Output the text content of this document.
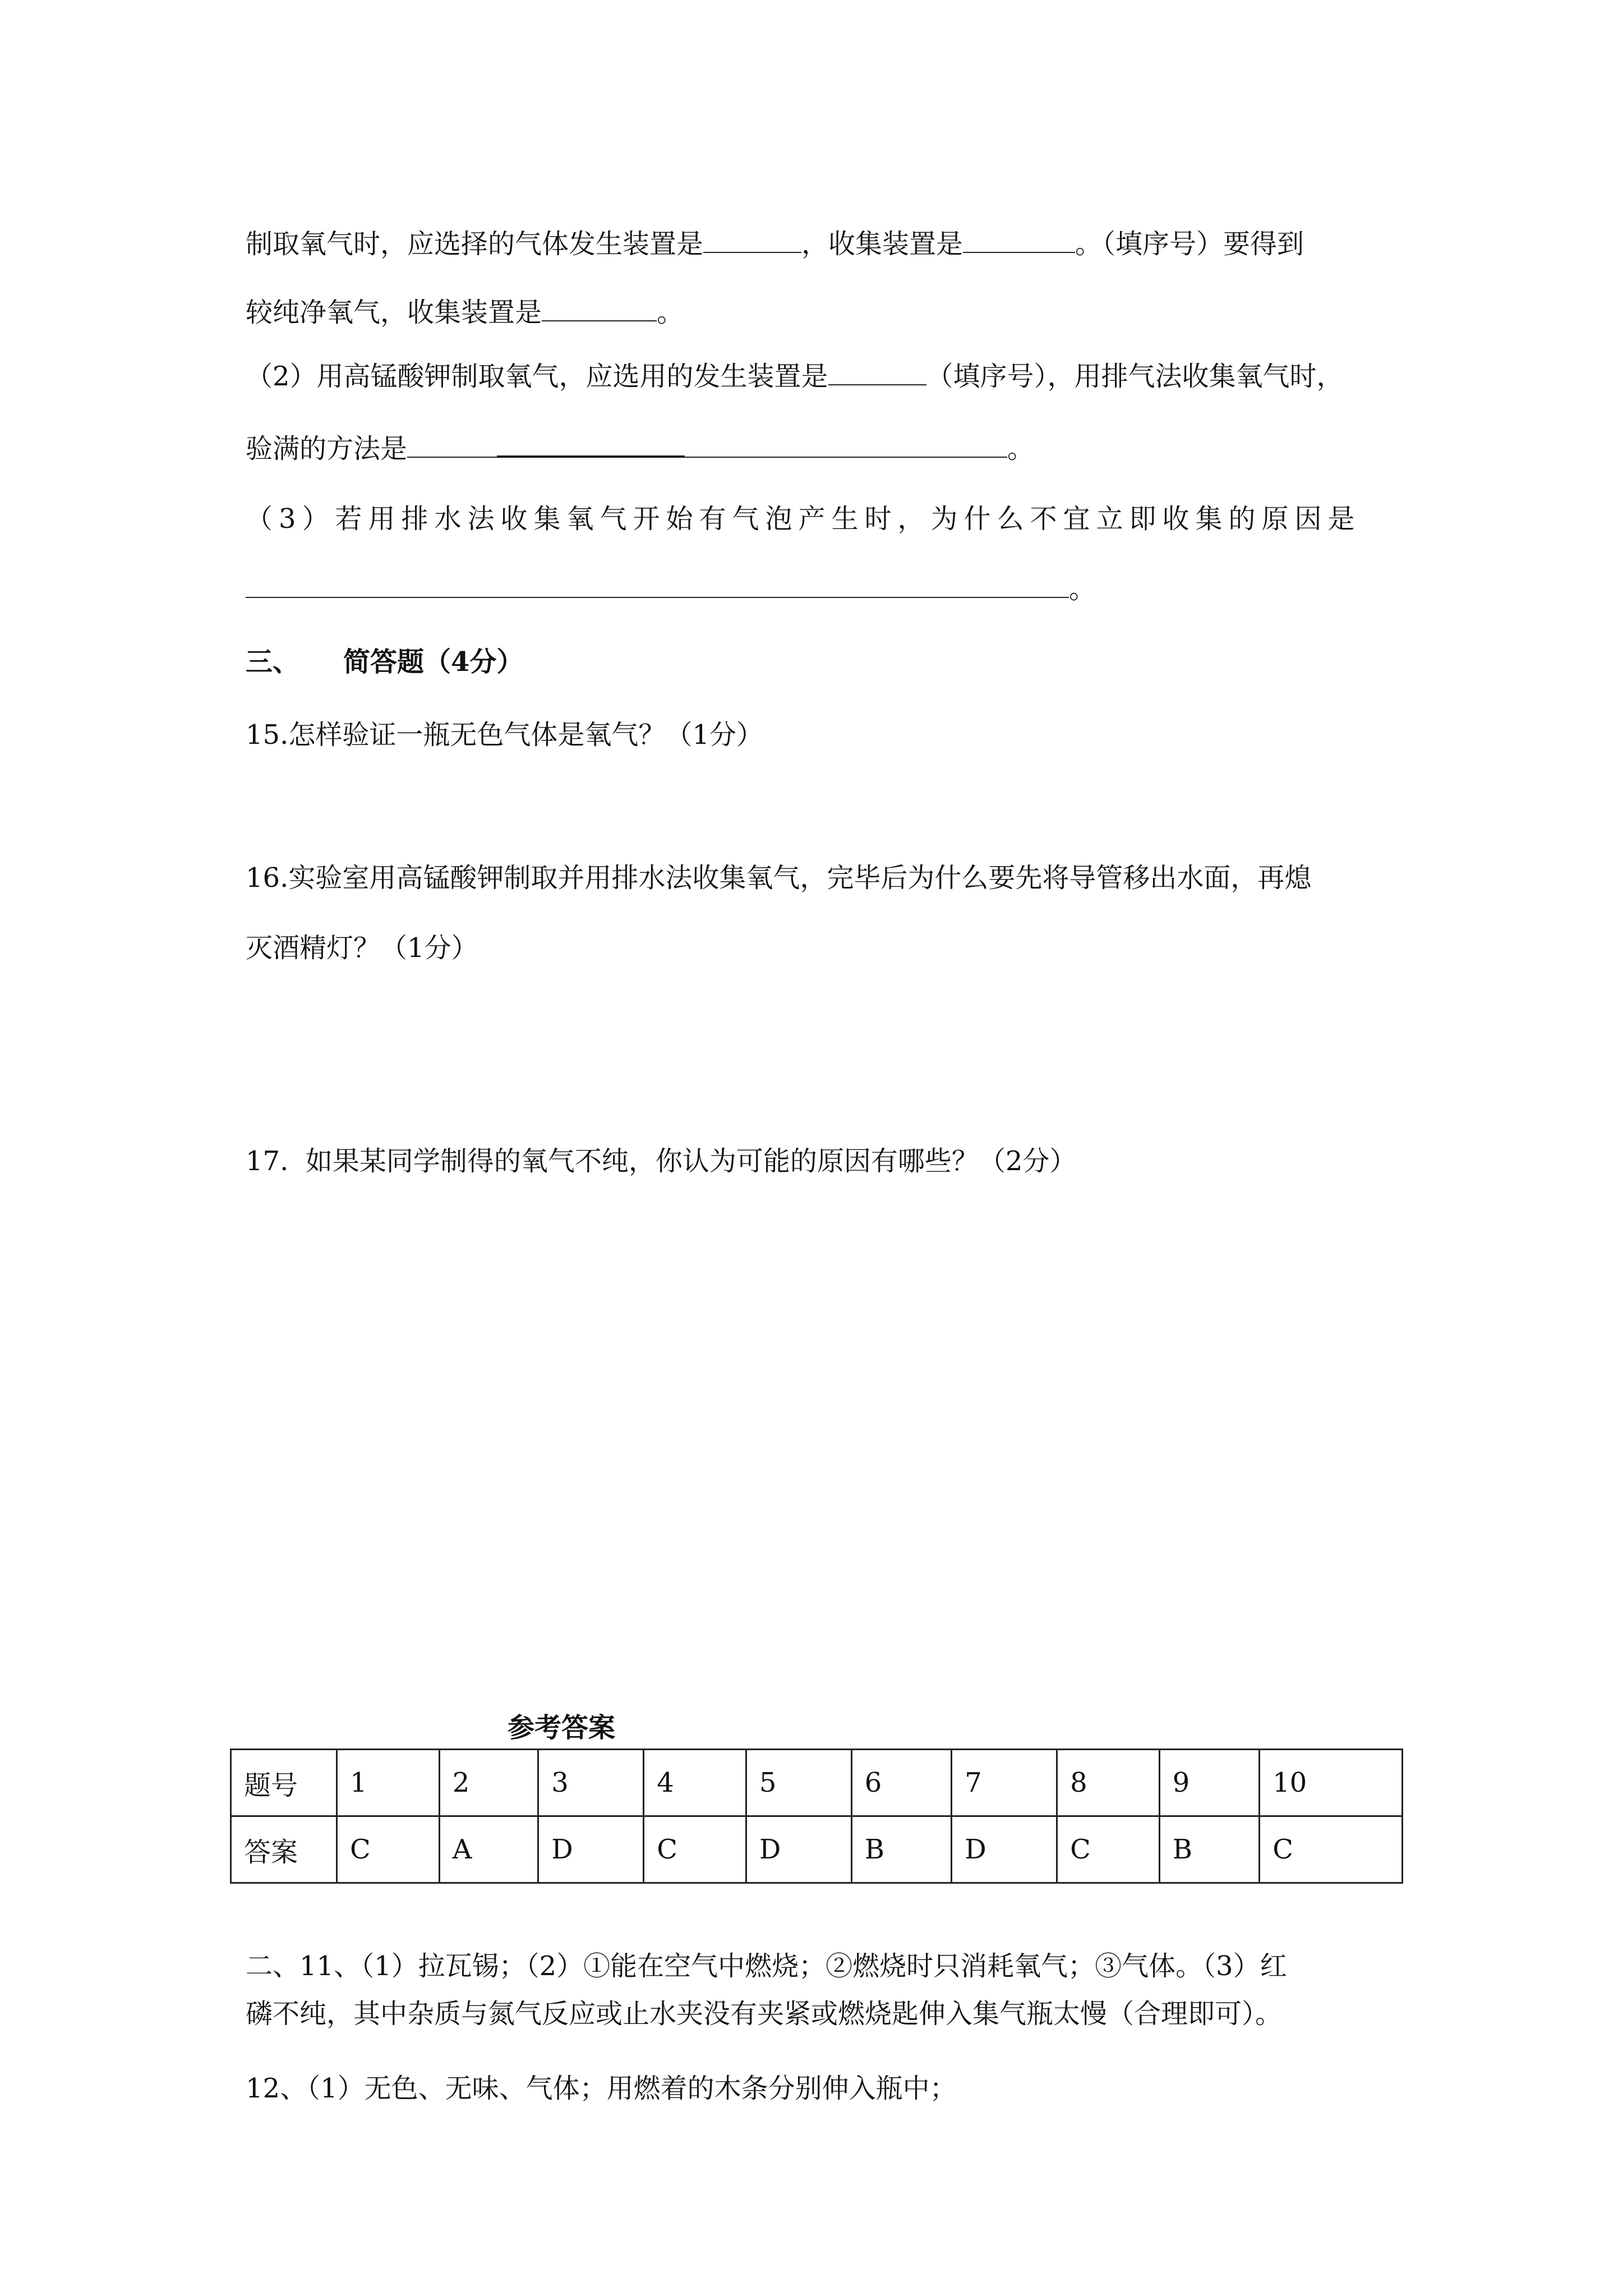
制取氧气时，应选择的气体发生装置是	，收集装置是	。（填序号）要得到
较纯净氧气，收集装置是	。
（2）用高锰酸钾制取氧气，应选用的发生装置是	（填序号），用排气法收集氧气时，
验满的方法是	。
（3）若用排水法收集氧气开始有气泡产生时，为什么不宜立即收集的原因是
。
三、 简答题（4分）
15.怎样验证一瓶无色气体是氧气？（1分）
16.实验室用高锰酸钾制取并用排水法收集氧气，完毕后为什么要先将导管移出水面，再熄
灭酒精灯？（1分）
17.  如果某同学制得的氧气不纯，你认为可能的原因有哪些？（2分）
参考答案
题号	1	2	3	4	5	6	7	8	9	10
答案	C	A	D	C	D	B	D	C	B	C
二、11、（1）拉瓦锡；（2）①能在空气中燃烧；②燃烧时只消耗氧气；③气体。（3）红
磷不纯，其中杂质与氮气反应或止水夹没有夹紧或燃烧匙伸入集气瓶太慢（合理即可）。
12、（1）无色、无味、气体；用燃着的木条分别伸入瓶中；
